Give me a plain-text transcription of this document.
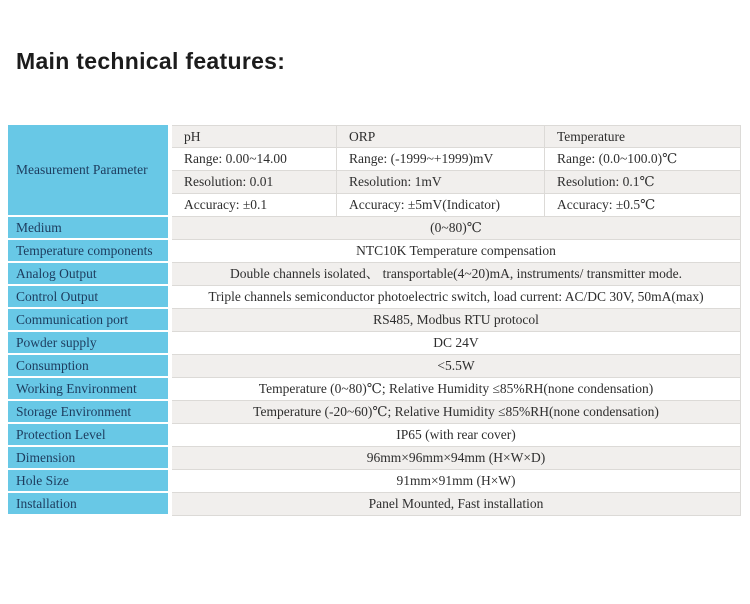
Main technical features:
Measurement Parameter	pH	ORP	Temperature
	Range: 0.00~14.00	Range: (-1999~+1999)mV	Range: (0.0~100.0)℃
	Resolution: 0.01	Resolution: 1mV	Resolution: 0.1℃
	Accuracy: ±0.1	Accuracy: ±5mV(Indicator)	Accuracy: ±0.5℃
Medium	(0~80)℃		
Temperature components	NTC10K Temperature compensation		
Analog Output	Double channels isolated、 transportable(4~20)mA, instruments/ transmitter mode.		
Control Output	Triple channels semiconductor photoelectric switch, load current: AC/DC 30V, 50mA(max)		
Communication port	RS485, Modbus RTU protocol		
Powder supply	DC 24V		
Consumption	<5.5W		
Working Environment	Temperature (0~80)℃; Relative Humidity ≤85%RH(none condensation)		
Storage Environment	Temperature (-20~60)℃; Relative Humidity ≤85%RH(none condensation)		
Protection Level	IP65 (with rear cover)		
Dimension	96mm×96mm×94mm (H×W×D)		
Hole Size	91mm×91mm (H×W)		
Installation	Panel Mounted, Fast installation		
